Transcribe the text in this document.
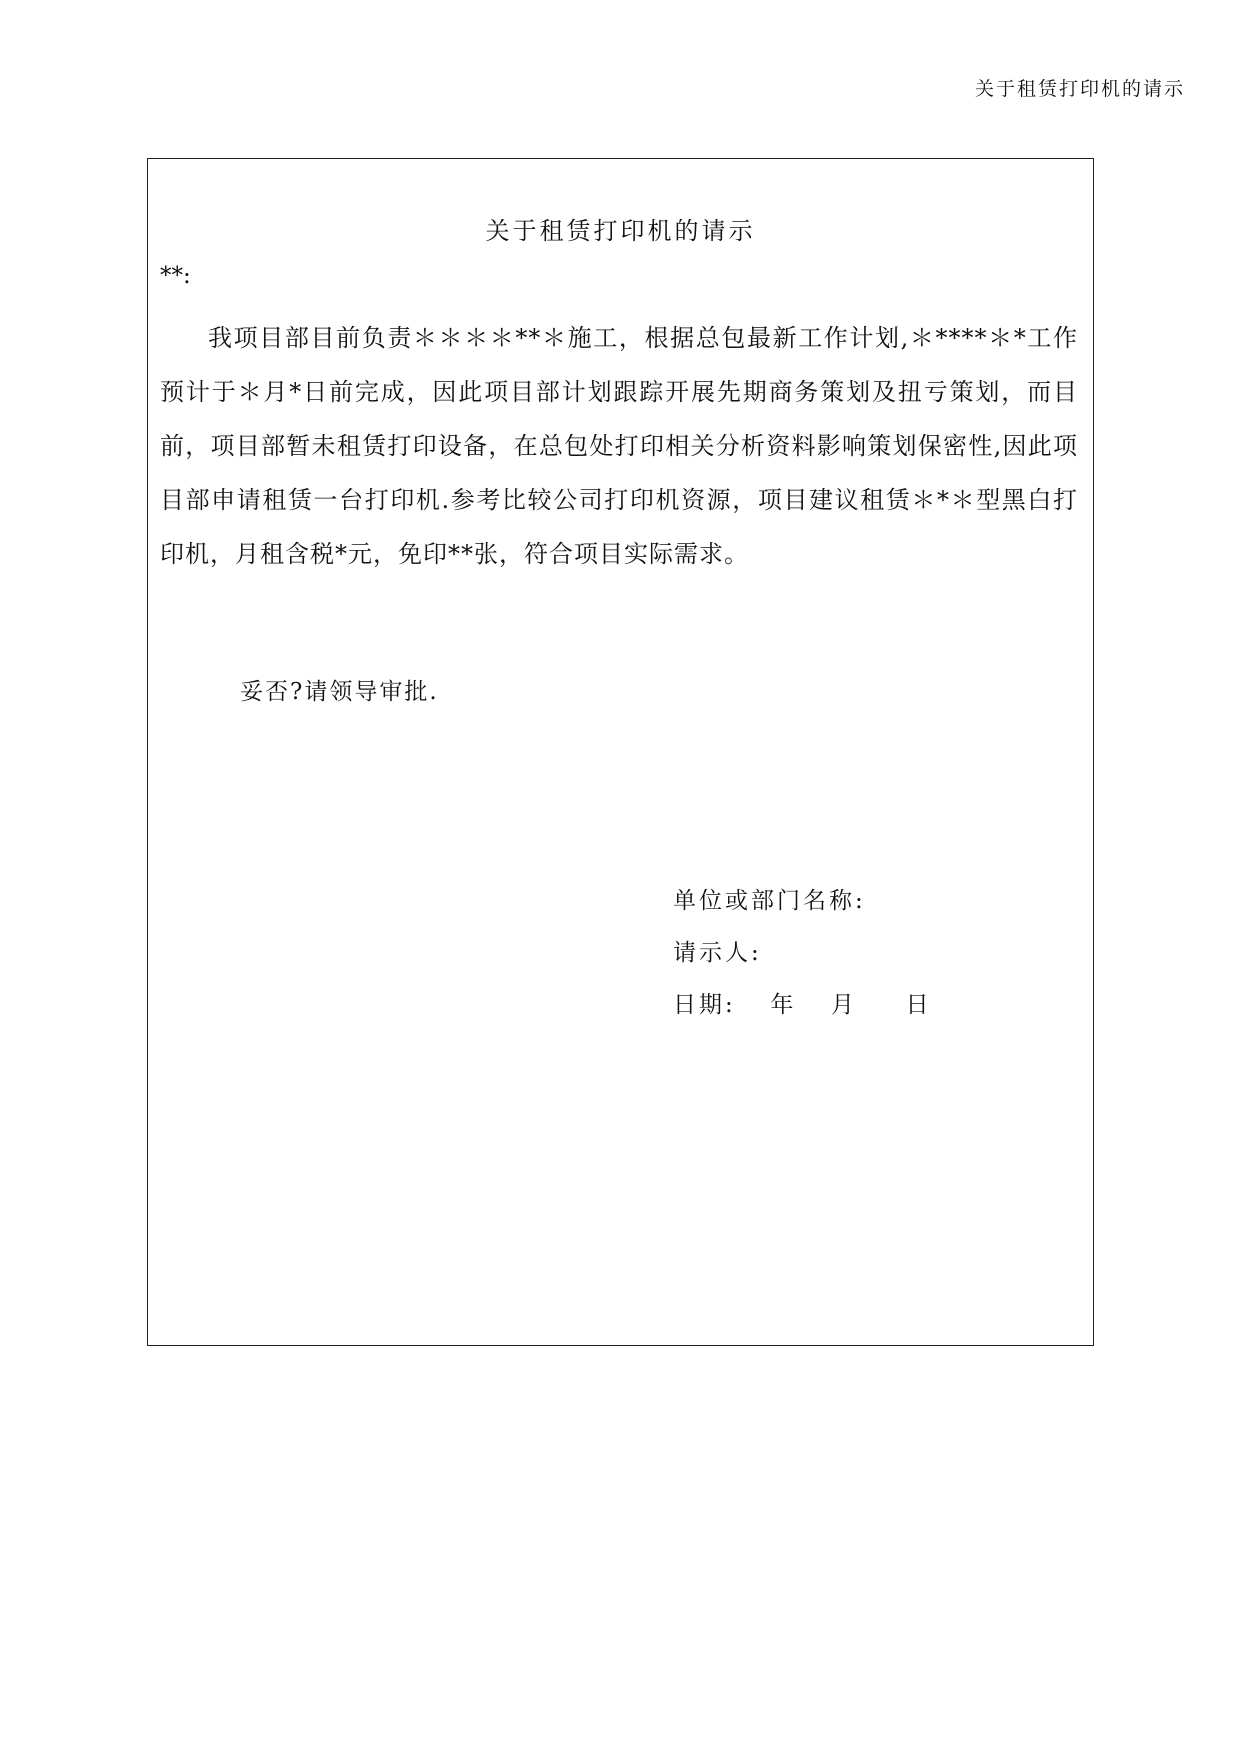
关于租赁打印机的请示
关于租赁打印机的请示
**:

我项目部目前负责＊＊＊＊**＊施工，根据总包最新工作计划,＊****＊*工作预计于＊月*日前完成，因此项目部计划跟踪开展先期商务策划及扭亏策划，而目前，项目部暂未租赁打印设备，在总包处打印相关分析资料影响策划保密性,因此项目部申请租赁一台打印机.参考比较公司打印机资源，项目建议租赁＊*＊型黑白打印机，月租含税*元，免印**张，符合项目实际需求。

妥否?请领导审批.
单位或部门名称:
请示人:
日期: 年 月 日
